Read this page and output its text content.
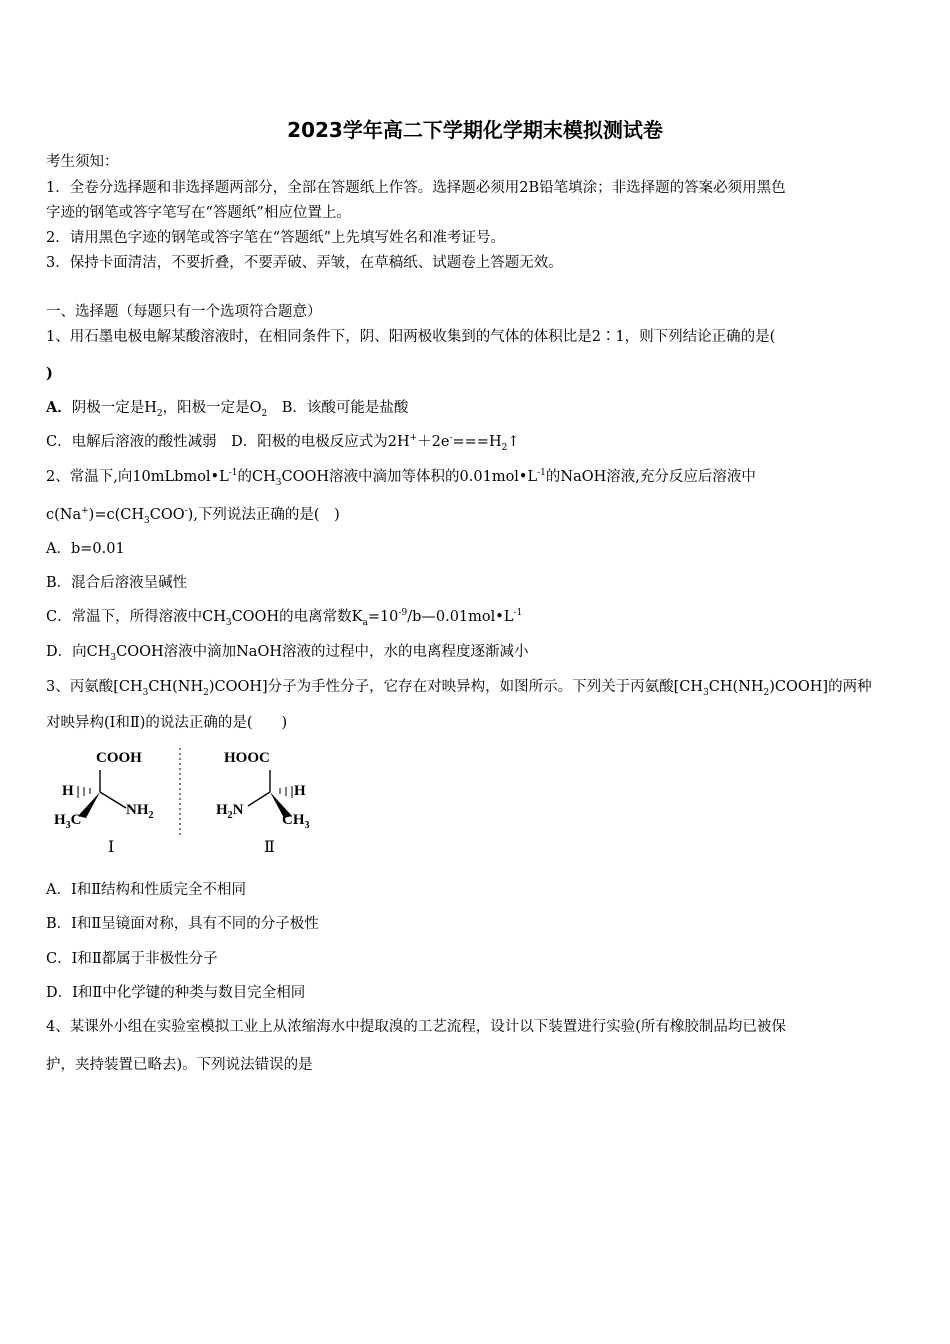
2023学年高二下学期化学期末模拟测试卷
考生须知：
1．全卷分选择题和非选择题两部分，全部在答题纸上作答。选择题必须用2B铅笔填涂；非选择题的答案必须用黑色
字迹的钢笔或答字笔写在“答题纸”相应位置上。
2．请用黑色字迹的钢笔或答字笔在“答题纸”上先填写姓名和准考证号。
3．保持卡面清洁，不要折叠，不要弄破、弄皱，在草稿纸、试题卷上答题无效。
一、选择题（每题只有一个选项符合题意）
1、用石墨电极电解某酸溶液时，在相同条件下，阴、阳两极收集到的气体的体积比是2∶1，则下列结论正确的是(
)
A．阴极一定是$H_2$，阳极一定是$O_2$　 B．该酸可能是盐酸
C．电解后溶液的酸性减弱　 D．阳极的电极反应式为$2H^++2e^-===H_2↑$
2、常温下,向$10mLbmol•L^{-1}$的$CH_3COOH$溶液中滴加等体积的$0.01mol•L^{-1}$的NaOH溶液,充分反应后溶液中
$c(Na^+)=c(CH_3COO^-)$,下列说法正确的是(　)
A．b=0.01
B．混合后溶液呈碱性
C．常温下，所得溶液中$CH_3COOH$的电离常数$K_a=10^{-9}/b—0.01mol•L^{-1}$
D．向$CH_3COOH$溶液中滴加NaOH溶液的过程中，水的电离程度逐渐减小
3、丙氨酸$[CH_3CH(NH_2)COOH]$分子为手性分子，它存在对映异构，如图所示。下列关于丙氨酸$[CH_3CH(NH_2)COOH]$的两种
对映异构(Ⅰ和Ⅱ)的说法正确的是(　　)
COOH
H
$H_3C$
$NH_2$
Ⅰ
HOOC
H
$H_2N$
$CH_3$
Ⅱ
A．Ⅰ和Ⅱ结构和性质完全不相同
B．Ⅰ和Ⅱ呈镜面对称，具有不同的分子极性
C．Ⅰ和Ⅱ都属于非极性分子
D．Ⅰ和Ⅱ中化学键的种类与数目完全相同
4、某课外小组在实验室模拟工业上从浓缩海水中提取溴的工艺流程，设计以下装置进行实验(所有橡胶制品均已被保
护，夹持装置已略去)。下列说法错误的是
